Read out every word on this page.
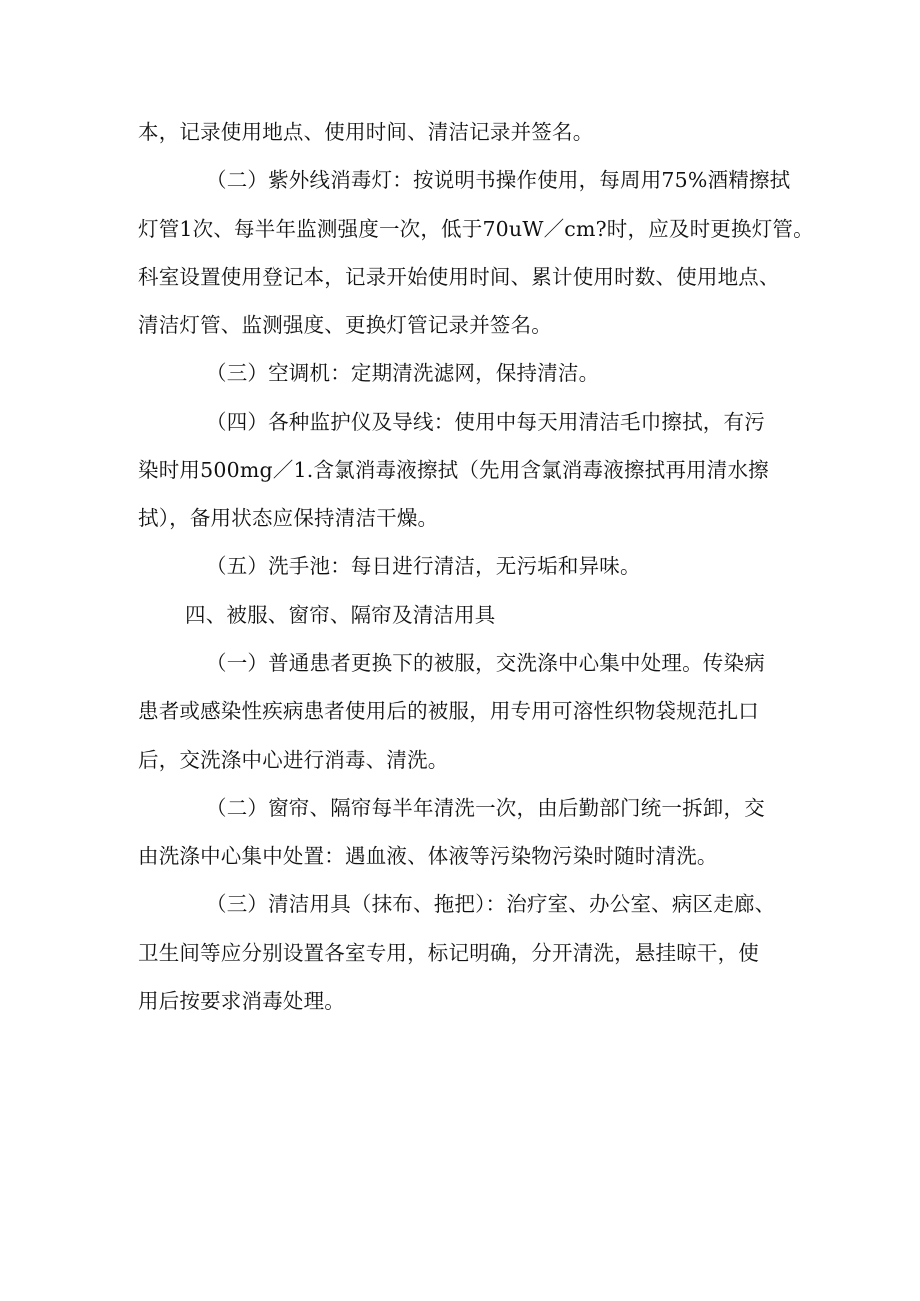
本，记录使用地点、使用时间、清洁记录并签名。

（二）紫外线消毒灯：按说明书操作使用，每周用75%酒精擦拭

灯管1次、每半年监测强度一次，低于70uW／cm?时，应及时更换灯管。

科室设置使用登记本，记录开始使用时间、累计使用时数、使用地点、

清洁灯管、监测强度、更换灯管记录并签名。

（三）空调机：定期清洗滤网，保持清洁。

（四）各种监护仪及导线：使用中每天用清洁毛巾擦拭，有污

染时用500mg／1.含氯消毒液擦拭（先用含氯消毒液擦拭再用清水擦

拭），备用状态应保持清洁干燥。

（五）洗手池：每日进行清洁，无污垢和异味。

四、被服、窗帘、隔帘及清洁用具

（一）普通患者更换下的被服，交洗涤中心集中处理。传染病

患者或感染性疾病患者使用后的被服，用专用可溶性织物袋规范扎口

后，交洗涤中心进行消毒、清洗。

（二）窗帘、隔帘每半年清洗一次，由后勤部门统一拆卸，交

由洗涤中心集中处置：遇血液、体液等污染物污染时随时清洗。

（三）清洁用具（抹布、拖把）：治疗室、办公室、病区走廊、

卫生间等应分别设置各室专用，标记明确，分开清洗，悬挂晾干，使

用后按要求消毒处理。
